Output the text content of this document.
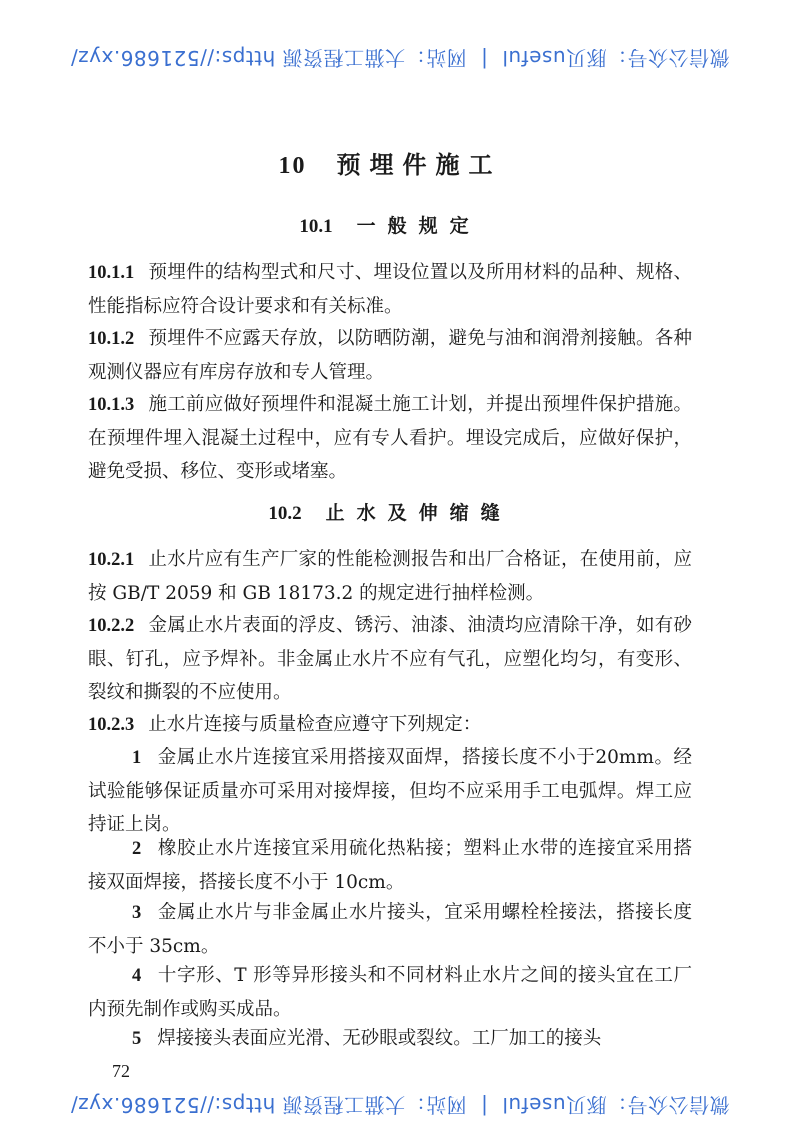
微信公众号：豚贝useful
|
网站：大猫工程资源 https://521686.xyz/
10 预埋件施工
10.1 一般规定
10.1.1 预埋件的结构型式和尺寸、埋设位置以及所用材料的品种、规格、性能指标应符合设计要求和有关标准。
10.1.2 预埋件不应露天存放，以防晒防潮，避免与油和润滑剂接触。各种观测仪器应有库房存放和专人管理。
10.1.3 施工前应做好预埋件和混凝土施工计划，并提出预埋件保护措施。在预埋件埋入混凝土过程中，应有专人看护。埋设完成后，应做好保护，避免受损、移位、变形或堵塞。
10.2 止水及伸缩缝
10.2.1 止水片应有生产厂家的性能检测报告和出厂合格证，在使用前，应按 GB/T 2059 和 GB 18173.2 的规定进行抽样检测。
10.2.2 金属止水片表面的浮皮、锈污、油漆、油渍均应清除干净，如有砂眼、钉孔，应予焊补。非金属止水片不应有气孔，应塑化均匀，有变形、裂纹和撕裂的不应使用。
10.2.3 止水片连接与质量检查应遵守下列规定：
1 金属止水片连接宜采用搭接双面焊，搭接长度不小于20mm。经试验能够保证质量亦可采用对接焊接，但均不应采用手工电弧焊。焊工应持证上岗。
2 橡胶止水片连接宜采用硫化热粘接；塑料止水带的连接宜采用搭接双面焊接，搭接长度不小于 10cm。
3 金属止水片与非金属止水片接头，宜采用螺栓栓接法，搭接长度不小于 35cm。
4 十字形、T 形等异形接头和不同材料止水片之间的接头宜在工厂内预先制作或购买成品。
5 焊接接头表面应光滑、无砂眼或裂纹。工厂加工的接头
72
微信公众号：豚贝useful
|
网站：大猫工程资源 https://521686.xyz/
